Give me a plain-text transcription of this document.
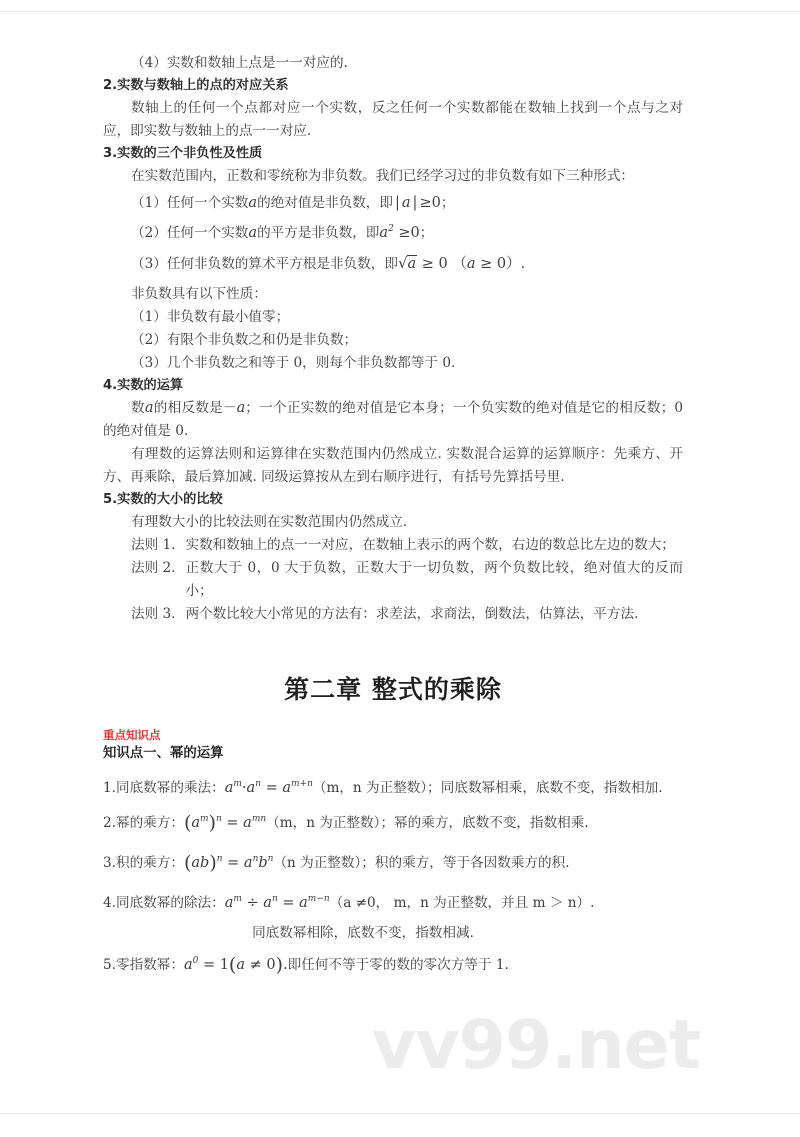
（4）实数和数轴上点是一一对应的.

2.实数与数轴上的点的对应关系

数轴上的任何一个点都对应一个实数，反之任何一个实数都能在数轴上找到一个点与之对应，即实数与数轴上的点一一对应.

3.实数的三个非负性及性质

在实数范围内，正数和零统称为非负数。我们已经学习过的非负数有如下三种形式：

（1）任何一个实数a的绝对值是非负数，即 | a | ≥0；

（2）任何一个实数a的平方是非负数，即$a^2 \ge 0$；

（3）任何非负数的算术平方根是非负数，即√a ≥ 0 （a ≥ 0）.

非负数具有以下性质：

（1）非负数有最小值零；

（2）有限个非负数之和仍是非负数；

（3）几个非负数之和等于 0，则每个非负数都等于 0.

4.实数的运算

数a的相反数是－a；一个正实数的绝对值是它本身；一个负实数的绝对值是它的相反数；0 的绝对值是 0.

有理数的运算法则和运算律在实数范围内仍然成立. 实数混合运算的运算顺序：先乘方、开方、再乘除，最后算加减. 同级运算按从左到右顺序进行，有括号先算括号里.

5.实数的大小的比较

有理数大小的比较法则在实数范围内仍然成立.

法则 1. 实数和数轴上的点一一对应，在数轴上表示的两个数，右边的数总比左边的数大；
法则 2. 正数大于 0，0 大于负数，正数大于一切负数，两个负数比较，绝对值大的反而小；
法则 3. 两个数比较大小常见的方法有：求差法，求商法，倒数法，估算法，平方法.

第二章 整式的乘除

重点知识点

知识点一、幂的运算

1.同底数幂的乘法：$a^m\cdot a^n = a^{m+n}(m$，n 为正整数）；同底数幂相乘，底数不变，指数相加.

2.幂的乘方：$(a^m)^n = a^{mn}(m$，n 为正整数）；幂的乘方，底数不变，指数相乘.

3.积的乘方：$(ab)^n = a^nb^n(n$ 为正整数）；积的乘方，等于各因数乘方的积.

4.同底数幂的除法：$a^m \div a^n = a^{m-n}(a \ne 0$， m，n 为正整数，并且 m ＞ n）.

同底数幂相除，底数不变，指数相减.

5.零指数幂：$a^0 = 1(a \ne 0)$.即任何不等于零的数的零次方等于 1.

vv99.net
